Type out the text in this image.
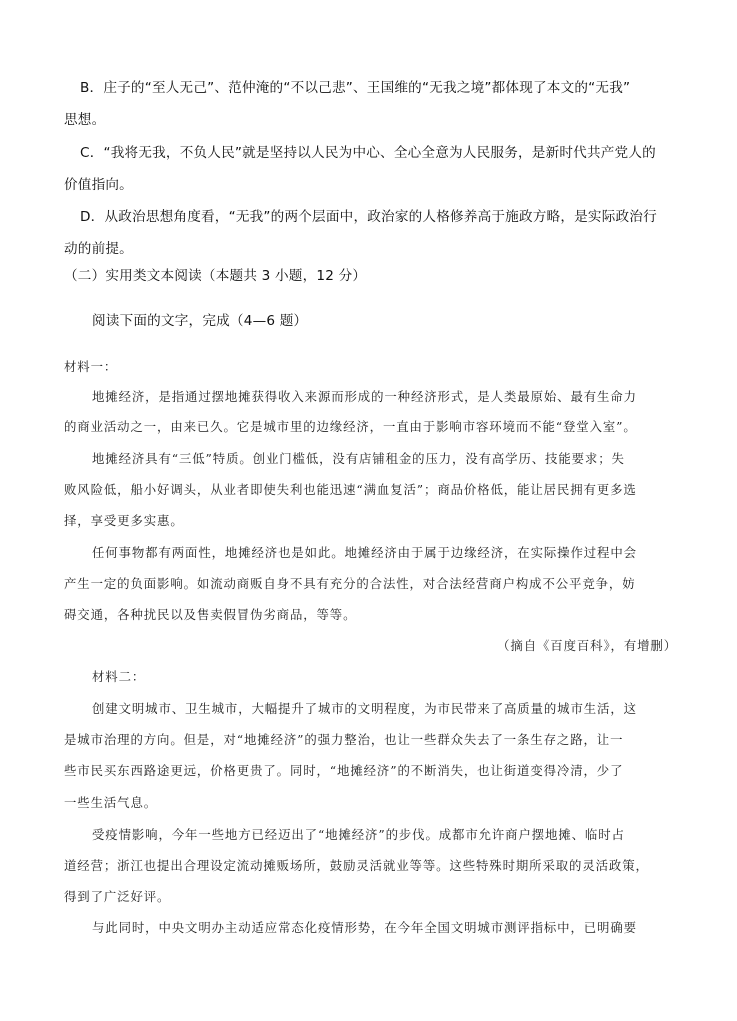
B．庄子的“至人无己”、范仲淹的“不以己悲”、王国维的“无我之境”都体现了本文的“无我”
思想。
C．“我将无我，不负人民”就是坚持以人民为中心、全心全意为人民服务，是新时代共产党人的
价值指向。
D．从政治思想角度看，“无我”的两个层面中，政治家的人格修养高于施政方略，是实际政治行
动的前提。
（二）实用类文本阅读（本题共 3 小题，12 分）
阅读下面的文字，完成（4—6 题）
材料一：
地摊经济，是指通过摆地摊获得收入来源而形成的一种经济形式，是人类最原始、最有生命力
的商业活动之一，由来已久。它是城市里的边缘经济，一直由于影响市容环境而不能“登堂入室”。
地摊经济具有“三低”特质。创业门槛低，没有店铺租金的压力，没有高学历、技能要求；失
败风险低，船小好调头，从业者即使失利也能迅速“满血复活”；商品价格低，能让居民拥有更多选
择，享受更多实惠。
任何事物都有两面性，地摊经济也是如此。地摊经济由于属于边缘经济，在实际操作过程中会
产生一定的负面影响。如流动商贩自身不具有充分的合法性，对合法经营商户构成不公平竞争，妨
碍交通，各种扰民以及售卖假冒伪劣商品，等等。
（摘自《百度百科》，有增删）
材料二：
创建文明城市、卫生城市，大幅提升了城市的文明程度，为市民带来了高质量的城市生活，这
是城市治理的方向。但是，对“地摊经济”的强力整治，也让一些群众失去了一条生存之路，让一
些市民买东西路途更远，价格更贵了。同时，“地摊经济”的不断消失，也让街道变得冷清，少了
一些生活气息。
受疫情影响，今年一些地方已经迈出了“地摊经济”的步伐。成都市允许商户摆地摊、临时占
道经营；浙江也提出合理设定流动摊贩场所，鼓励灵活就业等等。这些特殊时期所采取的灵活政策，
得到了广泛好评。
与此同时，中央文明办主动适应常态化疫情形势，在今年全国文明城市测评指标中，已明确要
